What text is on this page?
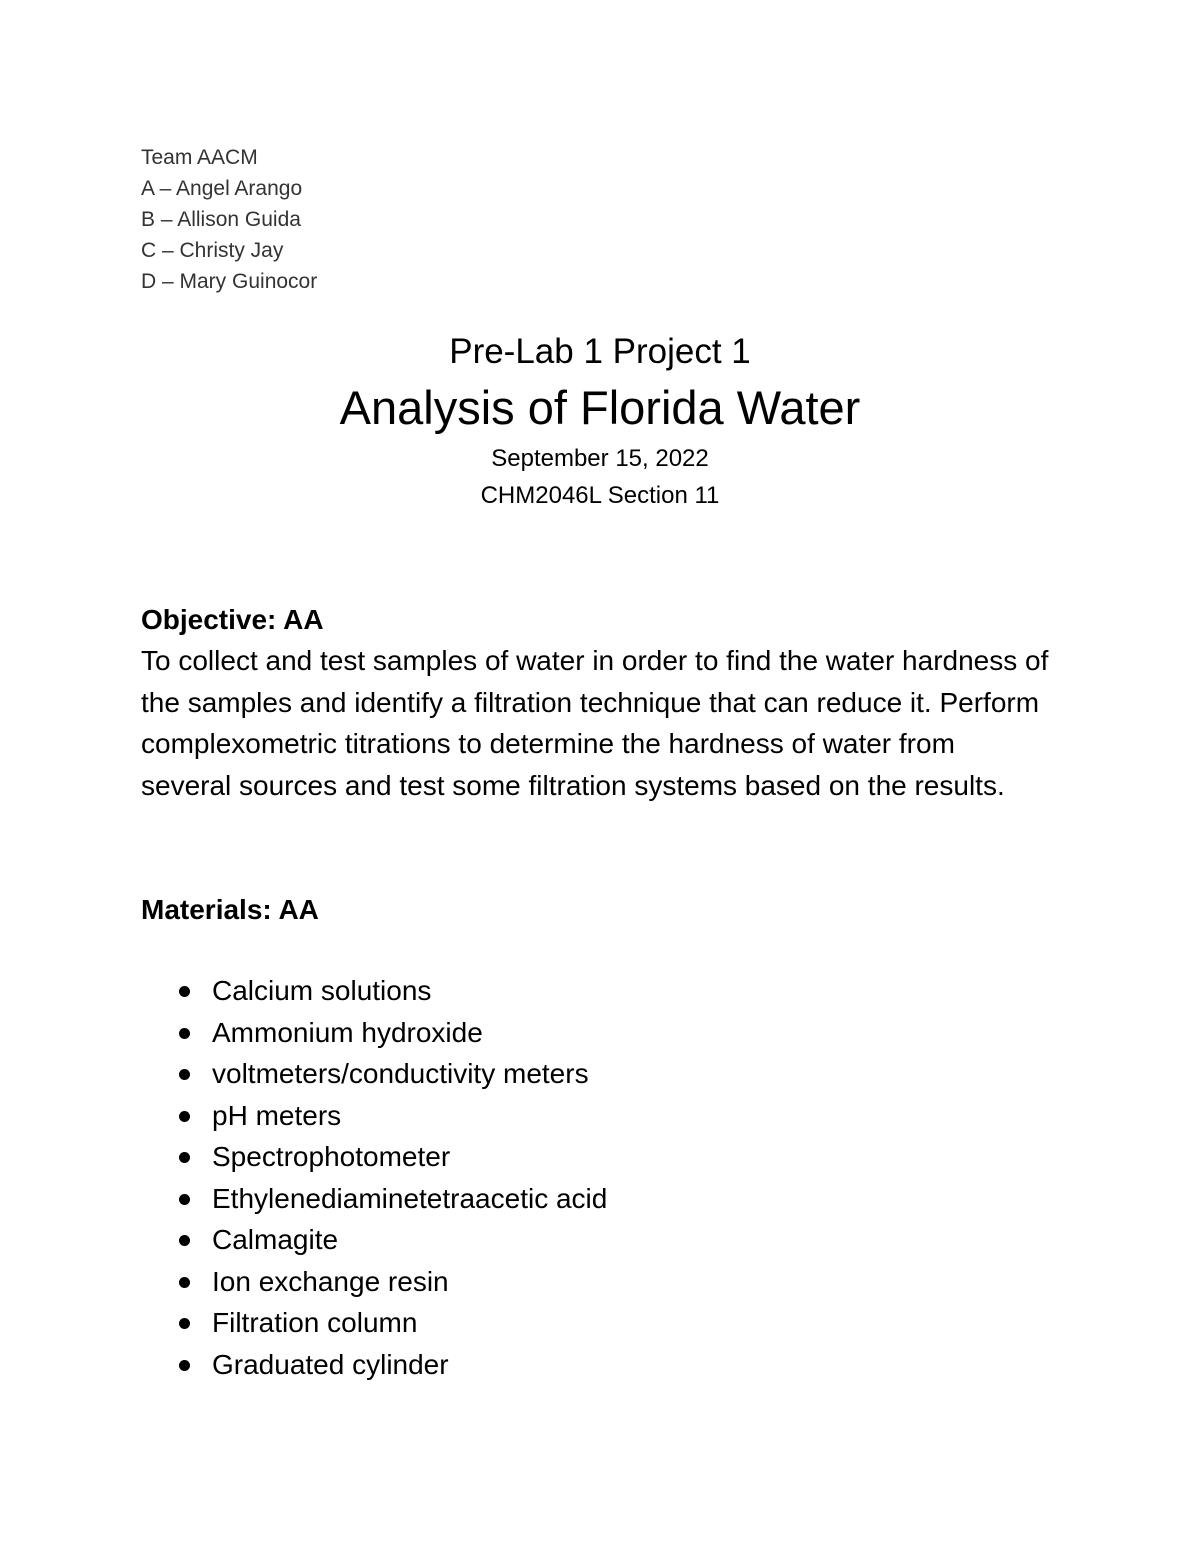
Team AACM
A – Angel Arango
B – Allison Guida
C – Christy Jay
D – Mary Guinocor
Pre-Lab 1 Project 1
Analysis of Florida Water
September 15, 2022
CHM2046L Section 11
Objective: AA
To collect and test samples of water in order to find the water hardness of the samples and identify a filtration technique that can reduce it. Perform complexometric titrations to determine the hardness of water from several sources and test some filtration systems based on the results.
Materials: AA
Calcium solutions
Ammonium hydroxide
voltmeters/conductivity meters
pH meters
Spectrophotometer
Ethylenediaminetetraacetic acid
Calmagite
Ion exchange resin
Filtration column
Graduated cylinder
